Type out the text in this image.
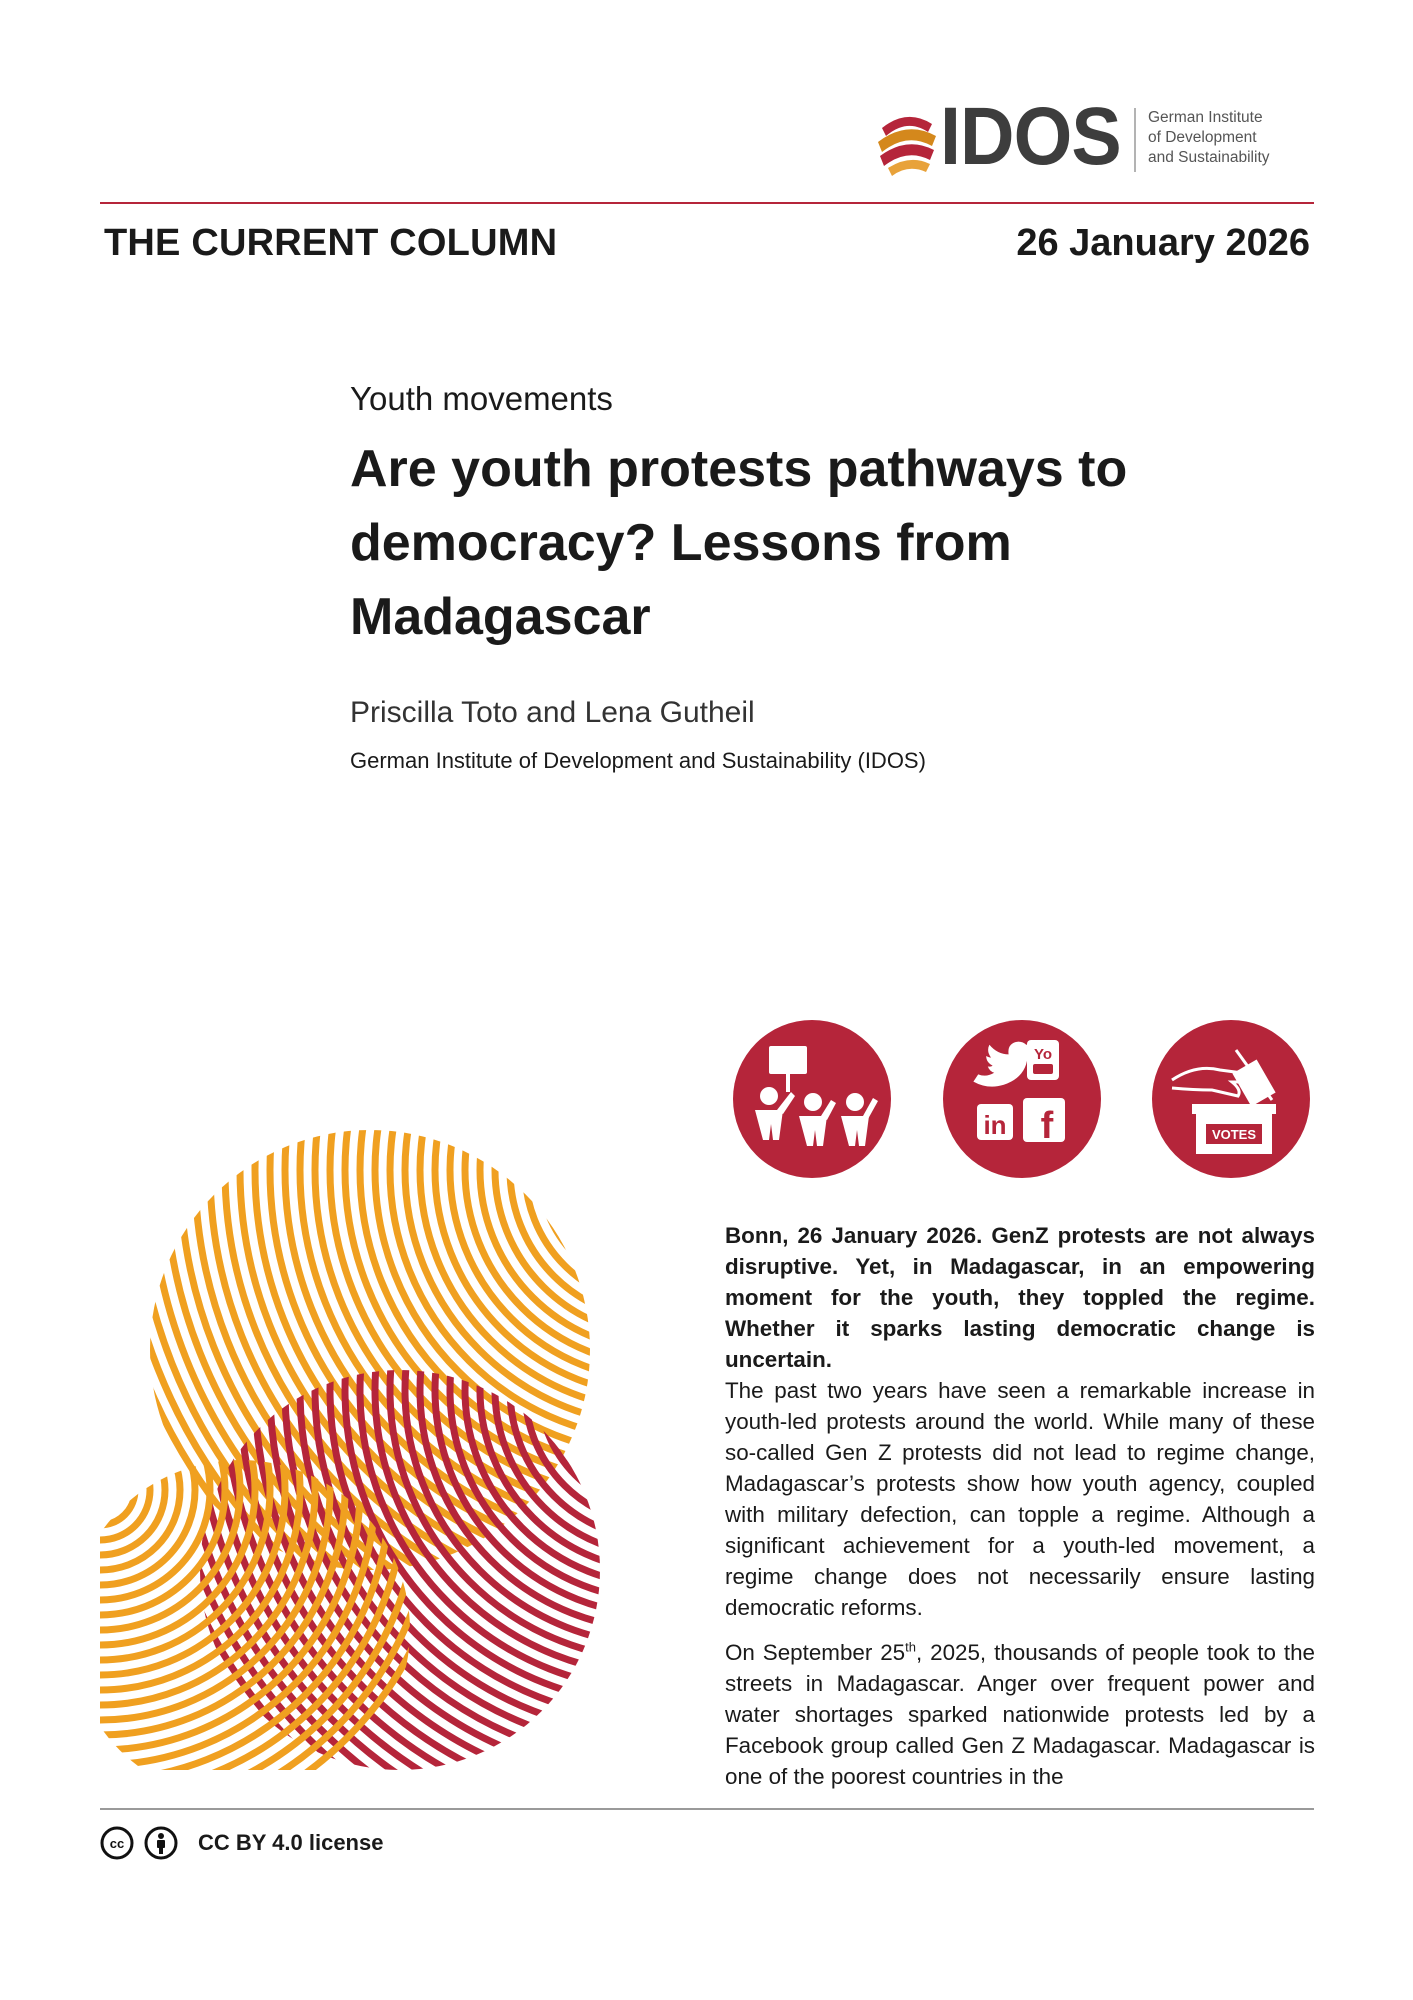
IDOS German Institute
of Development
and Sustainability
THE CURRENT COLUMN	26 January 2026
Youth movements
Are youth protests pathways to democracy? Lessons from Madagascar
Priscilla Toto and Lena Gutheil
German Institute of Development and Sustainability (IDOS)
Yo
in f	VOTES

Bonn, 26 January 2026. GenZ protests are not always disruptive. Yet, in Madagascar, in an empowering moment for the youth, they toppled the regime. Whether it sparks lasting democratic change is uncertain.

The past two years have seen a remarkable increase in youth-led protests around the world. While many of these so-called Gen Z protests did not lead to regime change, Madagascar’s protests show how youth agency, coupled with military defection, can topple a regime. Although a significant achievement for a youth-led movement, a regime change does not necessarily ensure lasting democratic reforms.

On September 25th, 2025, thousands of people took to the streets in Madagascar. Anger over frequent power and water shortages sparked nationwide protests led by a Facebook group called Gen Z Madagascar. Madagascar is one of the poorest countries in the

cc	CC BY 4.0 license
